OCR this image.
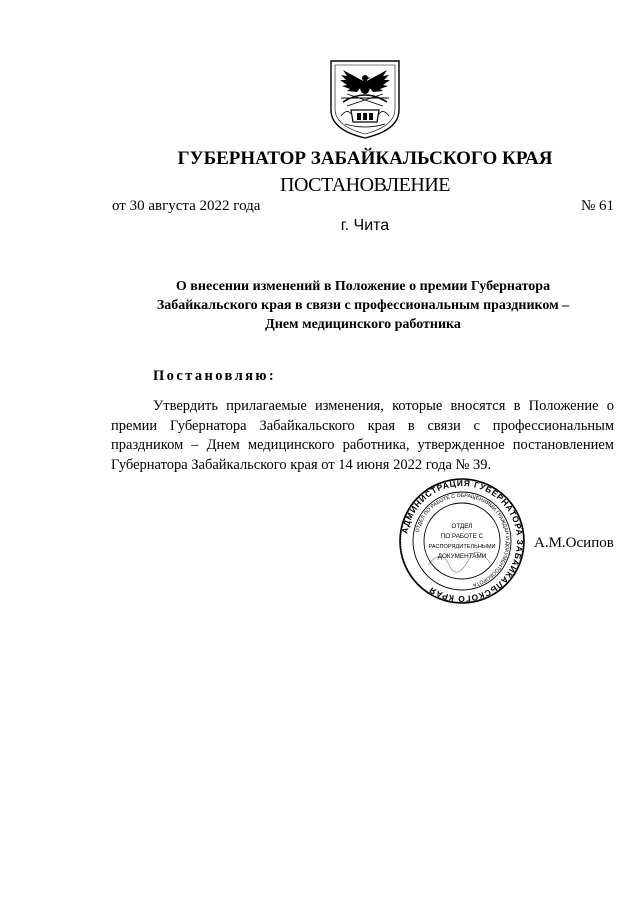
ГУБЕРНАТОР ЗАБАЙКАЛЬСКОГО КРАЯ
ПОСТАНОВЛЕНИЕ
от 30 августа 2022 года	№ 61
г. Чита
О внесении изменений в Положение о премии Губернатора
Забайкальского края в связи с профессиональным праздником –
Днем медицинского работника
Постановляю:
Утвердить прилагаемые изменения, которые вносятся в Положение о
премии Губернатора Забайкальского края в связи с профессиональным
праздником – Днем медицинского работника, утвержденное постановлением
Губернатора Забайкальского края от 14 июня 2022 года № 39.
АДМИНИСТРАЦИЯ ГУБЕРНАТОРА ЗАБАЙКАЛЬСКОГО КРАЯ
ОТДЕЛ ПО РАБОТЕ С ОБРАЩЕНИЯМИ ГРАЖДАН И ДОКУМЕНТООБОРОТА
ОТДЕЛ
ПО РАБОТЕ С
РАСПОРЯДИТЕЛЬНЫМИ
ДОКУМЕНТАМИ
А.М.Осипов
